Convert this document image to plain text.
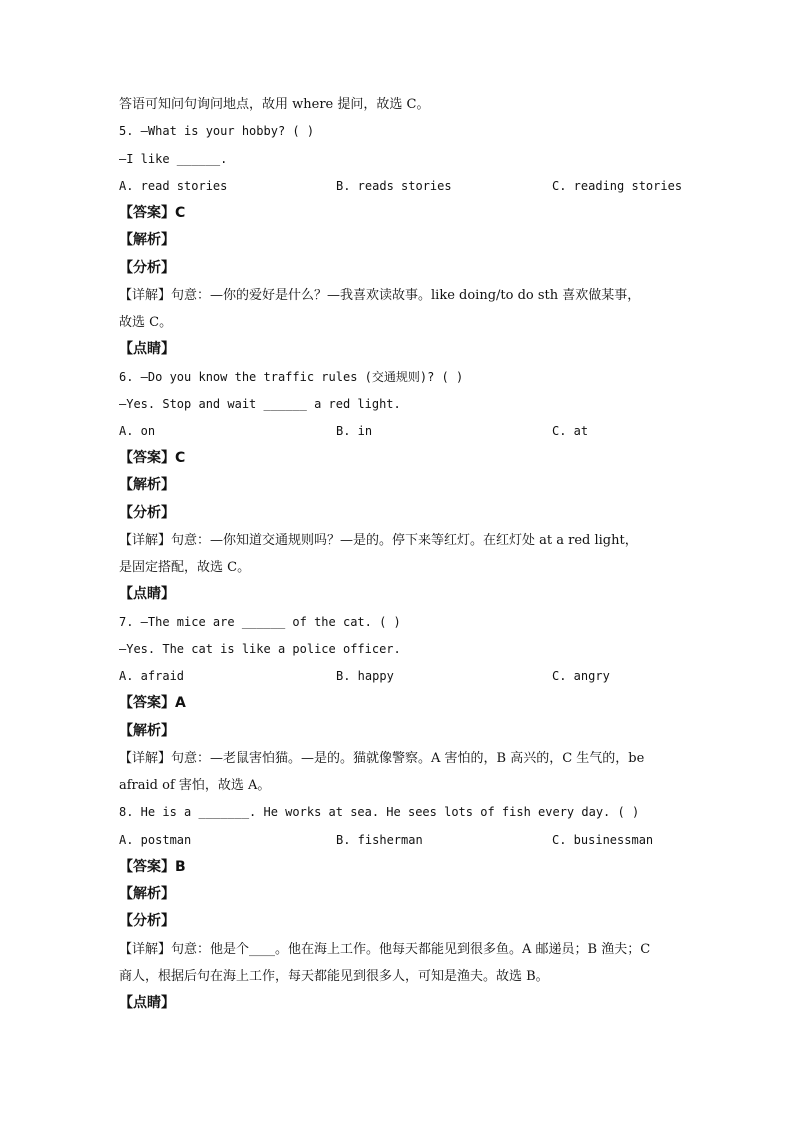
答语可知问句询问地点，故用 where 提问，故选 C。
5. —What is your hobby? ( )
—I like ______.
A. read stories	B. reads stories	C. reading stories
【答案】C
【解析】
【分析】
【详解】句意：—你的爱好是什么？—我喜欢读故事。like doing/to do sth 喜欢做某事，
故选 C。
【点睛】
6. —Do you know the traffic rules (交通规则)? ( )
—Yes. Stop and wait ______ a red light.
A. on	B. in	C. at
【答案】C
【解析】
【分析】
【详解】句意：—你知道交通规则吗？—是的。停下来等红灯。在红灯处 at a red light，
是固定搭配，故选 C。
【点睛】
7. —The mice are ______ of the cat. ( )
—Yes. The cat is like a police officer.
A. afraid	B. happy	C. angry
【答案】A
【解析】
【详解】句意：—老鼠害怕猫。—是的。猫就像警察。A 害怕的，B 高兴的，C 生气的，be
afraid of 害怕，故选 A。
8. He is a _______. He works at sea. He sees lots of fish every day. ( )
A. postman	B. fisherman	C. businessman
【答案】B
【解析】
【分析】
【详解】句意：他是个____。他在海上工作。他每天都能见到很多鱼。A 邮递员；B 渔夫；C
商人，根据后句在海上工作，每天都能见到很多人，可知是渔夫。故选 B。
【点睛】
